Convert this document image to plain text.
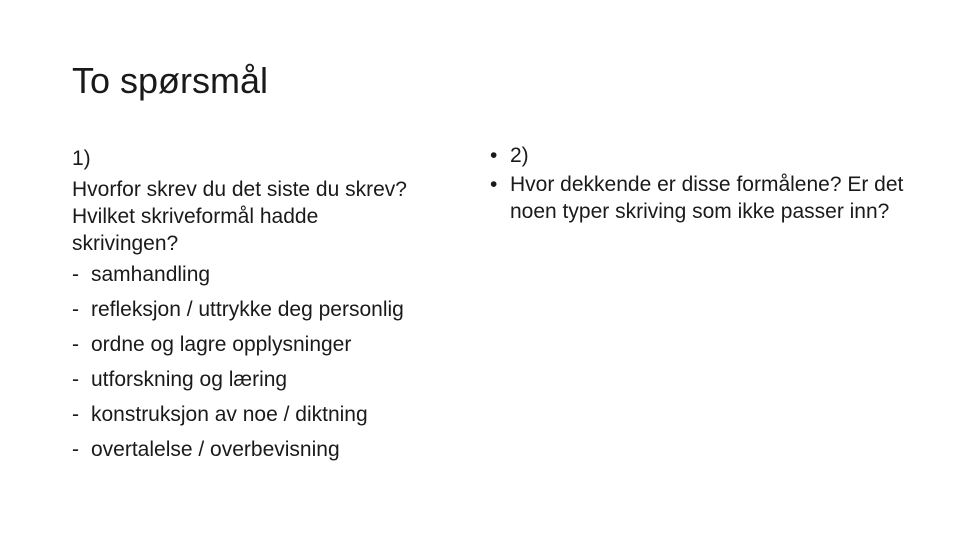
To spørsmål
1)
Hvorfor skrev du det siste du skrev?
Hvilket skriveformål hadde
skrivingen?
- samhandling
- refleksjon / uttrykke deg personlig
- ordne og lagre opplysninger
- utforskning og læring
- konstruksjon av noe / diktning
- overtalelse / overbevisning
• 2)
• Hvor dekkende er disse formålene? Er det noen typer skriving som ikke passer inn?
